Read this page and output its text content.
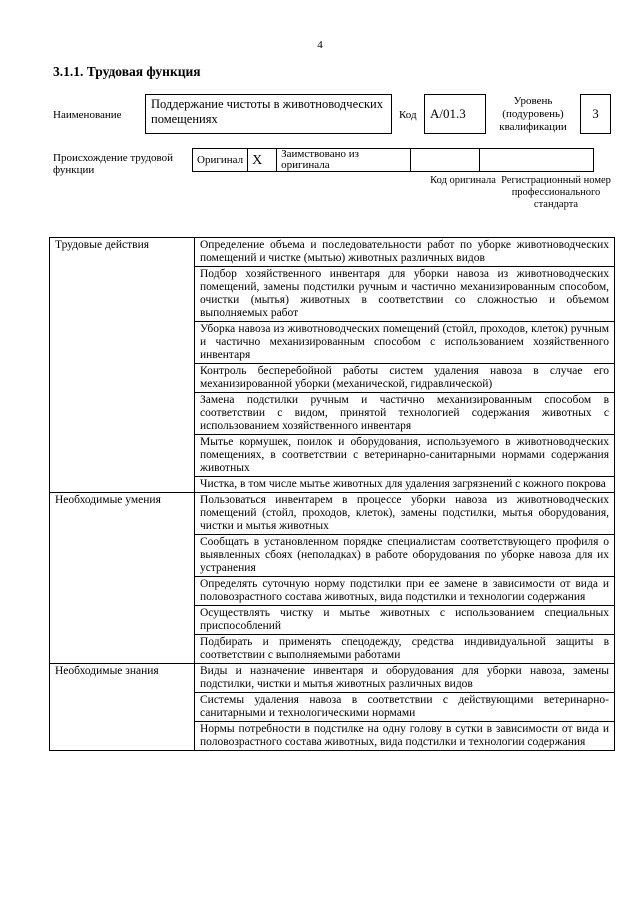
4
3.1.1. Трудовая функция
Наименование
Поддержание чистоты в животноводческих помещениях	Код	А/01.3
Уровень (подуровень) квалификации
3
Происхождение трудовой функции
Оригинал	X	Заимствовано из оригинала		
Код оригинала Регистрационный номер профессионального стандарта
Трудовые действия	Определение объема и последовательности работ по уборке животноводческих помещений и чистке (мытью) животных различных видов
	Подбор хозяйственного инвентаря для уборки навоза из животноводческих помещений, замены подстилки ручным и частично механизированным способом, очистки (мытья) животных в соответствии со сложностью и объемом выполняемых работ
	Уборка навоза из животноводческих помещений (стойл, проходов, клеток) ручным и частично механизированным способом с использованием хозяйственного инвентаря
	Контроль бесперебойной работы систем удаления навоза в случае его механизированной уборки (механической, гидравлической)
	Замена подстилки ручным и частично механизированным способом в соответствии с видом, принятой технологией содержания животных с использованием хозяйственного инвентаря
	Мытье кормушек, поилок и оборудования, используемого в животноводческих помещениях, в соответствии с ветеринарно-санитарными нормами содержания животных
	Чистка, в том числе мытье животных для удаления загрязнений с кожного покрова
Необходимые умения	Пользоваться инвентарем в процессе уборки навоза из животноводческих помещений (стойл, проходов, клеток), замены подстилки, мытья оборудования, чистки и мытья животных
	Сообщать в установленном порядке специалистам соответствующего профиля о выявленных сбоях (неполадках) в работе оборудования по уборке навоза для их устранения
	Определять суточную норму подстилки при ее замене в зависимости от вида и половозрастного состава животных, вида подстилки и технологии содержания
	Осуществлять чистку и мытье животных с использованием специальных приспособлений
	Подбирать и применять спецодежду, средства индивидуальной защиты в соответствии с выполняемыми работами
Необходимые знания	Виды и назначение инвентаря и оборудования для уборки навоза, замены подстилки, чистки и мытья животных различных видов
	Системы удаления навоза в соответствии с действующими ветеринарно-санитарными и технологическими нормами
	Нормы потребности в подстилке на одну голову в сутки в зависимости от вида и половозрастного состава животных, вида подстилки и технологии содержания
